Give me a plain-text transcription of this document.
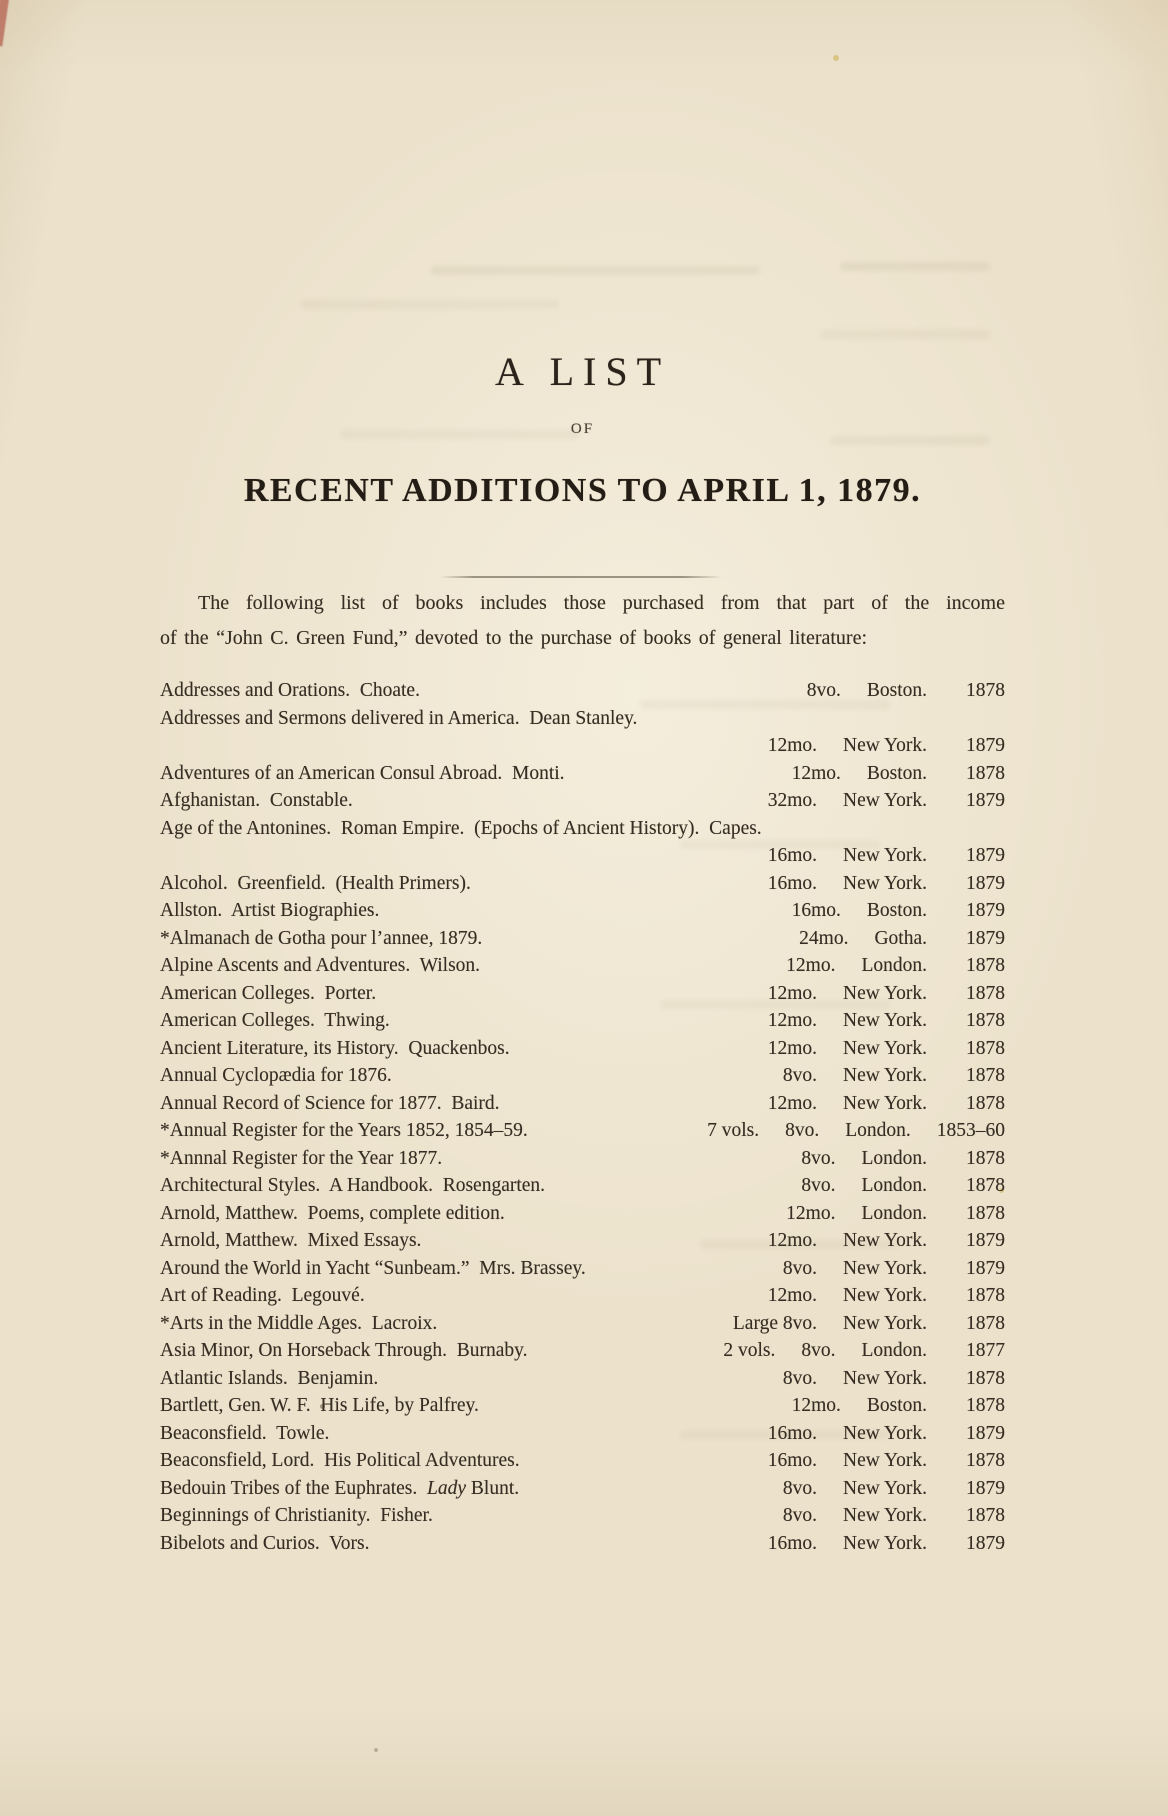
A LIST
OF
RECENT ADDITIONS TO APRIL 1, 1879.
The following list of books includes those purchased from that part of the income
of the “John C. Green Fund,” devoted to the purchase of books of general literature:
Addresses and Orations.  Choate.	8vo. Boston.	1878
Addresses and Sermons delivered in America.  Dean Stanley.
12mo. New York.	1879
Adventures of an American Consul Abroad.  Monti.	12mo. Boston.	1878
Afghanistan.  Constable.	32mo. New York.	1879
Age of the Antonines.  Roman Empire.  (Epochs of Ancient History).  Capes.
16mo. New York.	1879
Alcohol.  Greenfield.  (Health Primers).	16mo. New York.	1879
Allston.  Artist Biographies.	16mo. Boston.	1879
*Almanach de Gotha pour l’annee, 1879.	24mo. Gotha.	1879
Alpine Ascents and Adventures.  Wilson.	12mo. London.	1878
American Colleges.  Porter.	12mo. New York.	1878
American Colleges.  Thwing.	12mo. New York.	1878
Ancient Literature, its History.  Quackenbos.	12mo. New York.	1878
Annual Cyclopædia for 1876.	8vo. New York.	1878
Annual Record of Science for 1877.  Baird.	12mo. New York.	1878
*Annual Register for the Years 1852, 1854–59.	7 vols. 8vo. London. 1853–60
*Annnal Register for the Year 1877.	8vo. London.	1878
Architectural Styles.  A Handbook.  Rosengarten.	8vo. London.	1878
Arnold, Matthew.  Poems, complete edition.	12mo. London.	1878
Arnold, Matthew.  Mixed Essays.	12mo. New York.	1879
Around the World in Yacht “Sunbeam.”  Mrs. Brassey.	8vo. New York.	1879
Art of Reading.  Legouvé.	12mo. New York.	1878
*Arts in the Middle Ages.  Lacroix.	Large 8vo. New York.	1878
Asia Minor, On Horseback Through.  Burnaby.	2 vols. 8vo. London.	1877
Atlantic Islands.  Benjamin.	8vo. New York.	1878
Bartlett, Gen. W. F.  His Life, by Palfrey.	12mo. Boston.	1878
Beaconsfield.  Towle.	16mo. New York.	1879
Beaconsfield, Lord.  His Political Adventures.	16mo. New York.	1878
Bedouin Tribes of the Euphrates.  Lady Blunt.	8vo. New York.	1879
Beginnings of Christianity.  Fisher.	8vo. New York.	1878
Bibelots and Curios.  Vors.	16mo. New York.	1879
